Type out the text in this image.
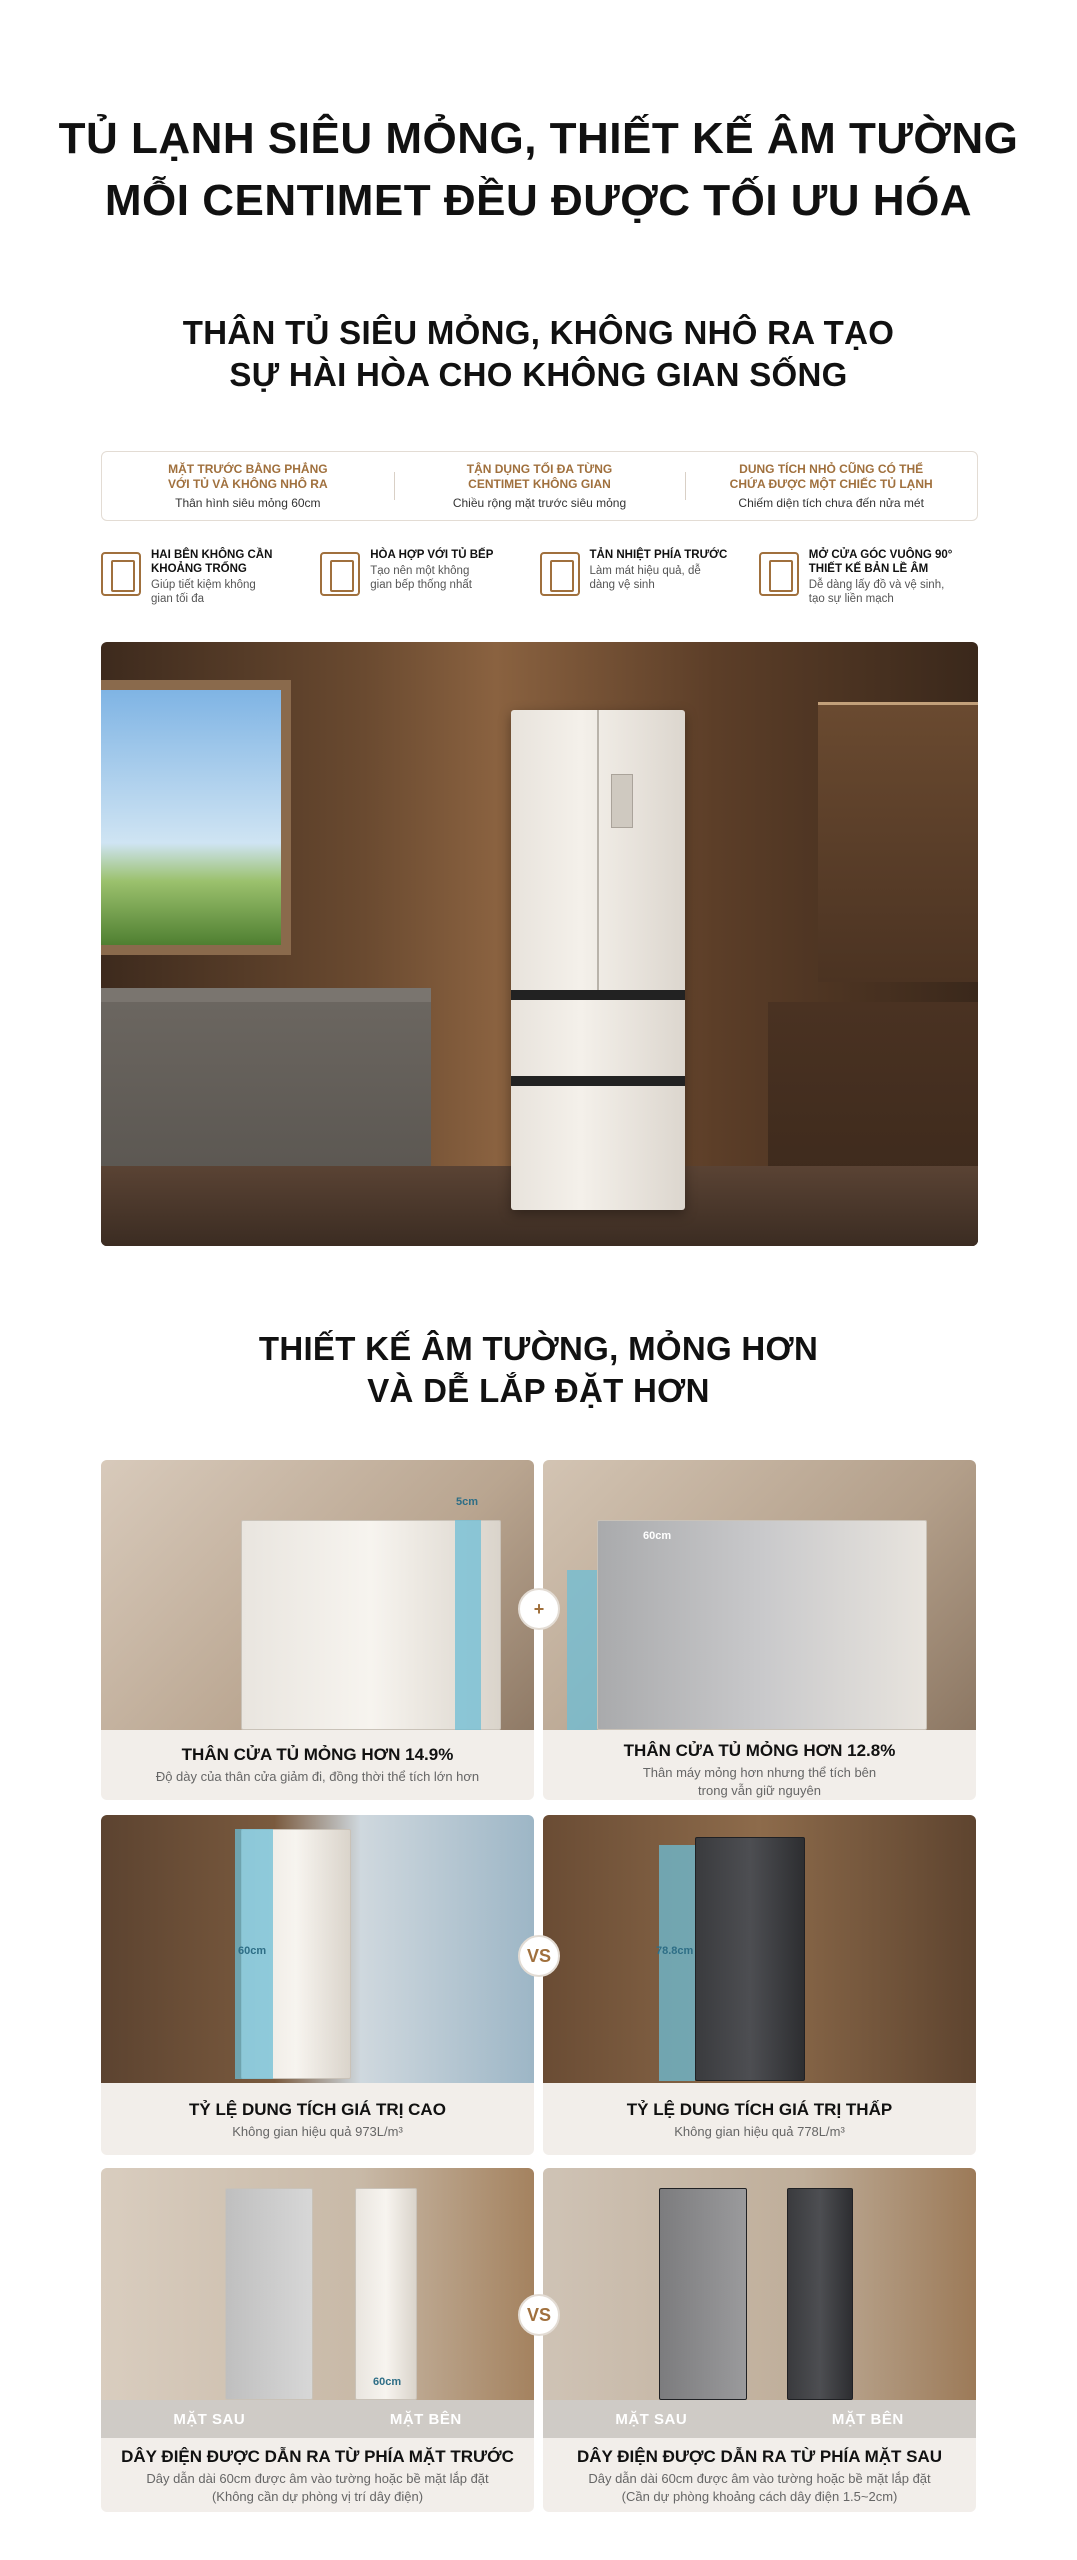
TỦ LẠNH SIÊU MỎNG, THIẾT KẾ ÂM TƯỜNG
MỖI CENTIMET ĐỀU ĐƯỢC TỐI ƯU HÓA
THÂN TỦ SIÊU MỎNG, KHÔNG NHÔ RA TẠO
SỰ HÀI HÒA CHO KHÔNG GIAN SỐNG
MẶT TRƯỚC BẰNG PHẲNG
VỚI TỦ VÀ KHÔNG NHÔ RA
Thân hình siêu mỏng 60cm
TẬN DỤNG TỐI ĐA TỪNG
CENTIMET KHÔNG GIAN
Chiều rộng mặt trước siêu mỏng
DUNG TÍCH NHỎ CŨNG CÓ THỂ
CHỨA ĐƯỢC MỘT CHIẾC TỦ LẠNH
Chiếm diện tích chưa đến nửa mét
HAI BÊN KHÔNG CẦN
KHOẢNG TRỐNG
Giúp tiết kiệm không
gian tối đa
HÒA HỢP VỚI TỦ BẾP
Tạo nên một không
gian bếp thống nhất
TẢN NHIỆT PHÍA TRƯỚC
Làm mát hiệu quả, dễ
dàng vệ sinh
MỞ CỬA GÓC VUÔNG 90°
THIẾT KẾ BẢN LỀ ÂM
Dễ dàng lấy đồ và vệ sinh,
tạo sự liền mạch
THIẾT KẾ ÂM TƯỜNG, MỎNG HƠN
VÀ DỄ LẮP ĐẶT HƠN
5cm
THÂN CỬA TỦ MỎNG HƠN 14.9%
Độ dày của thân cửa giảm đi, đồng thời thể tích lớn hơn
+
60cm
THÂN CỬA TỦ MỎNG HƠN 12.8%
Thân máy mỏng hơn nhưng thể tích bên
trong vẫn giữ nguyên
60cm
TỶ LỆ DUNG TÍCH GIÁ TRỊ CAO
Không gian hiệu quả 973L/m³
VS	78.8cm
TỶ LỆ DUNG TÍCH GIÁ TRỊ THẤP
Không gian hiệu quả 778L/m³
60cm
MẶT SAU	MẶT BÊN
DÂY ĐIỆN ĐƯỢC DẪN RA TỪ PHÍA MẶT TRƯỚC
Dây dẫn dài 60cm được âm vào tường hoặc bề mặt lắp đặt
(Không cần dự phòng vị trí dây điện)
VS
MẶT SAU	MẶT BÊN
DÂY ĐIỆN ĐƯỢC DẪN RA TỪ PHÍA MẶT SAU
Dây dẫn dài 60cm được âm vào tường hoặc bề mặt lắp đặt
(Cần dự phòng khoảng cách dây điện 1.5~2cm)
